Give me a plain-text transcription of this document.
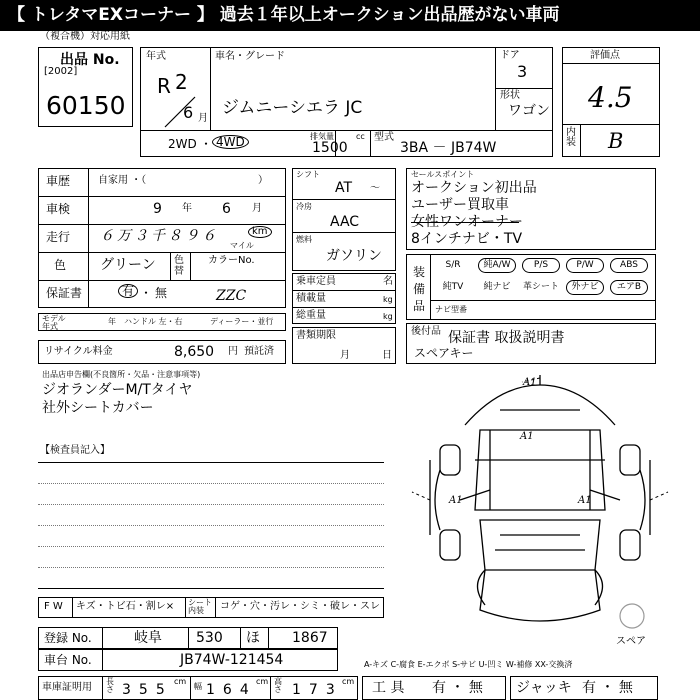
【 トレタマEXコーナー 】 過去１年以上オークション出品歴がない車両
（複合機）対応用紙
出品 No.
[2002]
60150
年式
R 2
6 月
車名・グレード
ジムニーシエラ JC
ドア
3
形状
ワゴン
2WD ・ 4WD	排気量
1500
cc 型式
3BA － JB74W
評価点
4.5
内装 B
車歴	自家用 ・（	）
車検	9 年 6 月
走行 ６万３千８９６	km
マイル
色 グリーン 色替
カラーNo.
保証書	有 ・ 無	ZZC
モデル年式
年 ハンドル 左・右	ディーラー・並行
リサイクル料金	8,650 円 預託済
シフト
AT ～
冷房
AAC
燃料
ガソリン
乗車定員	名
積載量	kg
総重量	kg
書類期限
月	日
セールスポイント
オークション初出品
ユーザー買取車
女性ワンオーナー
8インチナビ・TV
装備品
S/R	純A/W	P/S	P/W	ABS
純TV	純ナビ	革シート	外ナビ	エアB
ナビ型番
後付品 保証書 取扱説明書
スペアキー
出品店申告欄(不良箇所・欠品・注意事項等)
ジオランダーM/Tタイヤ
社外シートカバー
【検査員記入】
A1
A1
A1	A1
F W キズ・トビ石・割レ× シート内装	コゲ・穴・汚レ・シミ・破レ・スレ
登録 No.	岐阜 530 ほ 1867
車台 No.	JB74W-121454
スペア
A-キズ C-腐食 E-エクボ S-サビ U-凹ミ W-補修 XX-交換済
車庫証明用
長さ 355
cm
幅 164
cm 高さ 173
cm 工 具 有 ・ 無 ジャッキ 有 ・ 無
